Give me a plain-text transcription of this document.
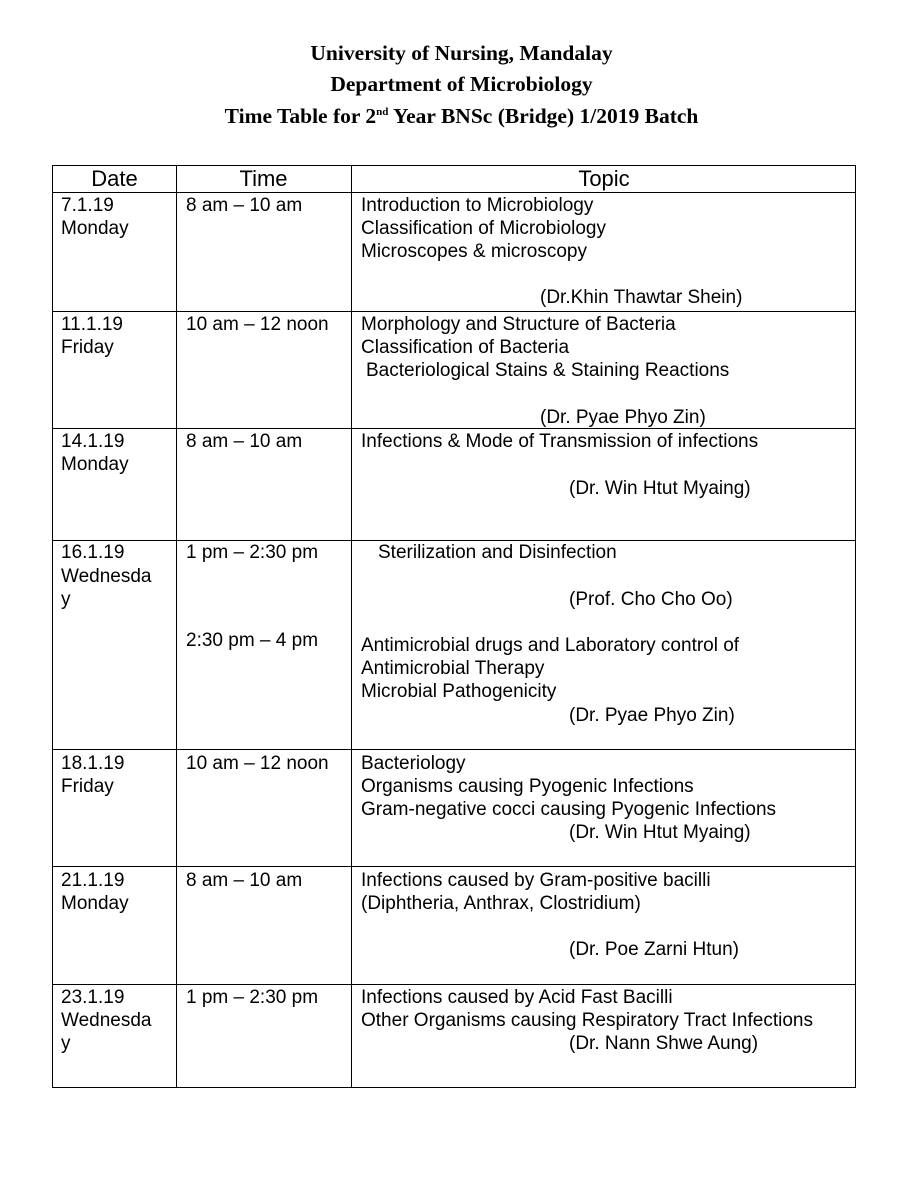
University of Nursing, Mandalay
Department of Microbiology
Time Table for 2nd Year BNSc (Bridge) 1/2019 Batch
Date	Time	Topic
7.1.19
Monday
8 am – 10 am	Introduction to Microbiology
Classification of Microbiology
Microscopes & microscopy
(Dr.Khin Thawtar Shein)
11.1.19
Friday
10 am – 12 noon Morphology and Structure of Bacteria
Classification of Bacteria
Bacteriological Stains & Staining Reactions
(Dr. Pyae Phyo Zin)
14.1.19
Monday
8 am – 10 am	Infections & Mode of Transmission of infections
(Dr. Win Htut Myaing)
16.1.19
Wednesda
y
1 pm – 2:30 pm	Sterilization and Disinfection
(Prof. Cho Cho Oo)
2:30 pm – 4 pm Antimicrobial drugs and Laboratory control of
Antimicrobial Therapy
Microbial Pathogenicity
(Dr. Pyae Phyo Zin)
18.1.19
Friday
10 am – 12 noon Bacteriology
Organisms causing Pyogenic Infections
Gram-negative cocci causing Pyogenic Infections
(Dr. Win Htut Myaing)
21.1.19
Monday
8 am – 10 am	Infections caused by Gram-positive bacilli
(Diphtheria, Anthrax, Clostridium)
(Dr. Poe Zarni Htun)
23.1.19
Wednesda
y
1 pm – 2:30 pm Infections caused by Acid Fast Bacilli
Other Organisms causing Respiratory Tract Infections
(Dr. Nann Shwe Aung)
